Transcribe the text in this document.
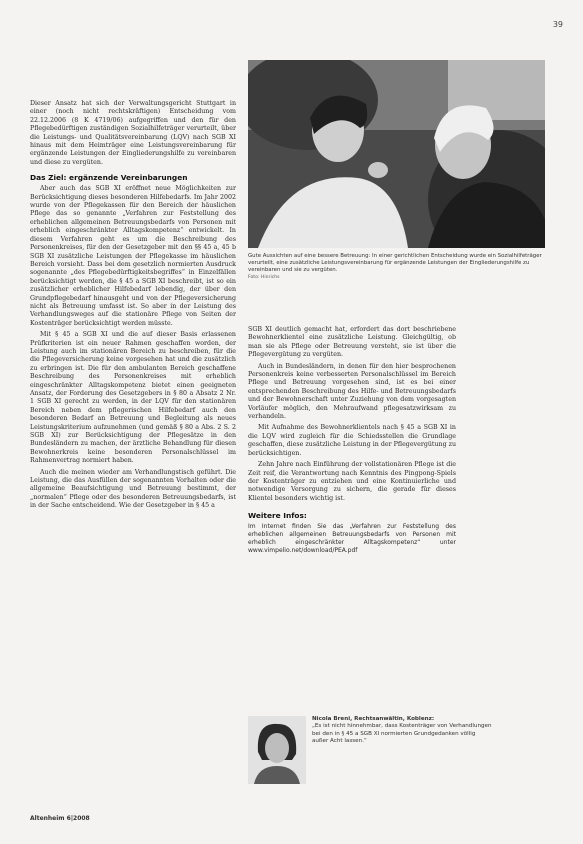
39

Dieser Ansatz hat sich der Verwaltungsgericht Stuttgart in einer (noch nicht rechtskräftigen) Entscheidung vom 22.12.2006 (8 K 4719/06) aufgegriffen und den für den Pflegebedürftigen zuständigen Sozialhilfeträger verurteilt, über die Leistungs- und Qualitätsvereinbarung (LQV) nach SGB XI hinaus mit dem Heimträger eine Leistungsvereinbarung für ergänzende Leistungen der Eingliederungshilfe zu vereinbaren und diese zu vergüten.

Das Ziel: ergänzende Vereinbarungen

Aber auch das SGB XI eröffnet neue Möglichkeiten zur Berücksichtigung dieses besonderen Hilfebedarfs. Im Jahr 2002 wurde von der Pflegekassen für den Bereich der häuslichen Pflege das so genannte „Verfahren zur Feststellung des erheblichen allgemeinen Betreuungsbedarfs von Personen mit erheblich eingeschränkter Alltagskompetenz“ entwickelt. In diesem Verfahren geht es um die Beschreibung des Personenkreises, für den der Gesetzgeber mit den §§ 45 a, 45 b SGB XI zusätzliche Leistungen der Pflegekasse im häuslichen Bereich vorsieht. Dass bei dem gesetzlich normierten Ausdruck sogenannte „des Pflegebedürftigkeitsbegriffes“ in Einzelfällen berücksichtigt werden, die § 45 a SGB XI beschreibt, ist so ein zusätzlicher erheblicher Hilfebedarf lebendig, der über den Grundpflegebedarf hinausgeht und von der Pflegeversicherung nicht als Betreuung umfasst ist. So aber in der Leistung des Verhandlungsweges auf die stationäre Pflege von Seiten der Kostenträger berücksichtigt werden müsste.

Mit § 45 a SGB XI und die auf dieser Basis erlassenen Prüfkriterien ist ein neuer Rahmen geschaffen worden, der Leistung auch im stationären Bereich zu beschreiben, für die die Pflegeversicherung keine vorgesehen hat und die zusätzlich zu erbringen ist. Die für den ambulanten Bereich geschaffene Beschreibung des Personenkreises mit erheblich eingeschränkter Alltagskompetenz bietet einen geeigneten Ansatz, der Forderung des Gesetzgebers in § 80 a Absatz 2 Nr. 1 SGB XI gerecht zu werden, in der LQV für den stationären Bereich neben dem pflegerischen Hilfebedarf auch den besonderen Bedarf an Betreuung und Begleitung als neues Leistungskriterium aufzunehmen (und gemäß § 80 a Abs. 2 S. 2 SGB XI) zur Berücksichtigung der Pflegesätze in den Bundesländern zu machen, der ärztliche Behandlung für diesen Bewohnerkreis keine besonderen Personalschlüssel im Rahmenvertrag normiert haben.

Auch die meinen wieder am Verhandlungstisch geführt. Die Leistung, die das Ausfüllen der sogenannten Vorhalten oder die allgemeine Beaufsichtigung und Betreuung bestimmt, der „normalen“ Pflege oder des besonderen Betreuungsbedarfs, ist in der Sache entscheidend. Wie der Gesetzgeber in § 45 a

Gute Aussichten auf eine bessere Betreuung: In einer gerichtlichen Entscheidung wurde ein Sozialhilfeträger verurteilt, eine zusätzliche Leistungsvereinbarung für ergänzende Leistungen der Eingliederungshilfe zu vereinbaren und sie zu vergüten.
Foto: Hinrichs

SGB XI deutlich gemacht hat, erfordert das dort beschriebene Bewohnerklientel eine zusätzliche Leistung. Gleichgültig, ob man sie als Pflege oder Betreuung versteht, sie ist über die Pflegevergütung zu vergüten.

Auch in Bundesländern, in denen für den hier besprochenen Personenkreis keine verbesserten Personalschlüssel im Bereich Pflege und Betreuung vorgesehen sind, ist es bei einer entsprechenden Beschreibung des Hilfe- und Betreuungsbedarfs und der Bewohnerschaft unter Zuziehung von dem vorgesagten Vorläufer möglich, den Mehraufwand pflegesatzwirksam zu verhandeln.

Mit Aufnahme des Bewohnerklientels nach § 45 a SGB XI in die LQV wird zugleich für die Schiedsstellen die Grundlage geschaffen, diese zusätzliche Leistung in der Pflegevergütung zu berücksichtigen.

Zehn Jahre nach Einführung der vollstationären Pflege ist die Zeit reif, die Verantwortung nach Kenntnis des Pingpong-Spiels der Kostenträger zu entziehen und eine Kontinuierliche und notwendige Versorgung zu sichern, die gerade für dieses Klientel besonders wichtig ist.

Weitere Infos:

Im Internet finden Sie das „Verfahren zur Feststellung des erheblichen allgemeinen Betreuungsbedarfs von Personen mit erheblich eingeschränkter Alltagskompetenz“ unter www.vimpelio.net/download/PEA.pdf

Nicola Breni, Rechtsanwältin, Koblenz:
„Es ist nicht hinnehmbar, dass Kostenträger von Verhandlungen bei den in § 45 a SGB XI normierten Grundgedanken völlig außer Acht lassen.“
Altenheim 6|2008
